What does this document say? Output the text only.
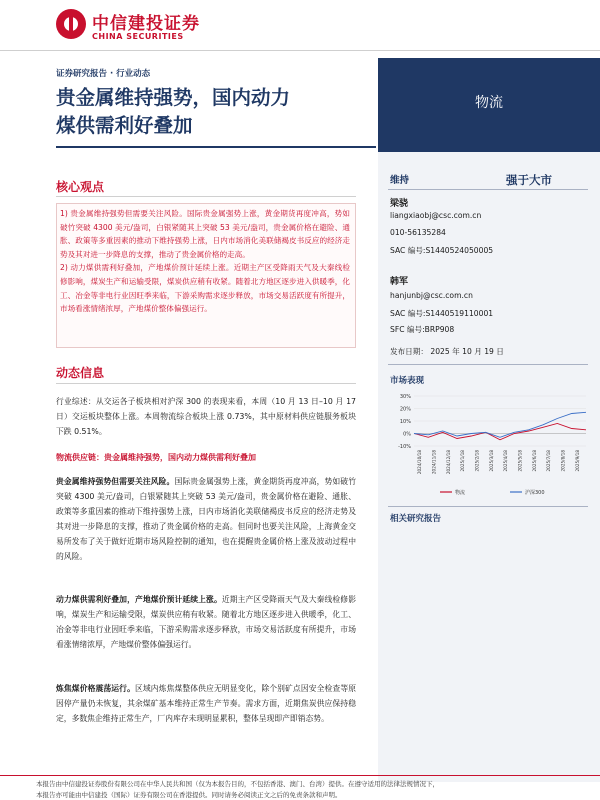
中信建投证券
CHINA SECURITIES
证券研究报告 · 行业动态
贵金属维持强势，国内动力
煤供需利好叠加
物流
维持	强于大市
梁骁
liangxiaobj@csc.com.cn
010-56135284
SAC 编号:S1440524050005
韩军
hanjunbj@csc.com.cn
SAC 编号:S1440519110001
SFC 编号:BRP908
发布日期： 2025 年 10 月 19 日
市场表现
30%
20%
10%
0%
-10%
2024/10/18 2024/11/18 2024/12/18 2025/1/18 2025/2/18 2025/3/18 2025/4/18 2025/5/18 2025/6/18 2025/7/18 2025/8/18 2025/9/18
物流	沪深300
相关研究报告
核心观点
1) 贵金属维持强势但需要关注风险。国际贵金属强势上涨，黄金期货再度冲高，势如破竹突破 4300 美元/盎司，白银紧随其上突破 53 美元/盎司，贵金属价格在避险、通胀、政策等多重因素的推动下维持强势上涨，日内市场消化美联储褐皮书反应的经济走势及其对进一步降息的支撑，推动了贵金属价格的走高。
2) 动力煤供需利好叠加，产地煤价预计延续上涨。近期主产区受降雨天气及大秦线检修影响，煤炭生产和运输受限，煤炭供应稍有收紧。随着北方地区逐步进入供暖季，化工、冶金等非电行业因旺季来临，下游采购需求逐步释放，市场交易活跃度有所提升，市场看涨情绪浓厚，产地煤价整体偏强运行。
动态信息
行业综述：从交运各子板块相对沪深 300 的表现来看，本周（10 月 13 日–10 月 17 日）交运板块整体上涨。本周物流综合板块上涨 0.73%，其中原材料供应链服务板块下跌 0.51%。
物流供应链：贵金属维持强势，国内动力煤供需利好叠加
贵金属维持强势但需要关注风险。国际贵金属强势上涨，黄金期货再度冲高，势如破竹突破 4300 美元/盎司，白银紧随其上突破 53 美元/盎司，贵金属价格在避险、通胀、政策等多重因素的推动下维持强势上涨，日内市场消化美联储褐皮书反应的经济走势及其对进一步降息的支撑，推动了贵金属价格的走高。但同时也要关注风险，上海黄金交易所发布了关于做好近期市场风险控制的通知，也在提醒贵金属价格上涨及波动过程中的风险。
动力煤供需利好叠加，产地煤价预计延续上涨。近期主产区受降雨天气及大秦线检修影响，煤炭生产和运输受限，煤炭供应稍有收紧。随着北方地区逐步进入供暖季，化工、冶金等非电行业因旺季来临，下游采购需求逐步释放，市场交易活跃度有所提升，市场看涨情绪浓厚，产地煤价整体偏强运行。
炼焦煤价格震荡运行。区域内炼焦煤整体供应无明显变化，除个别矿点因安全检查等原因停产量仍未恢复，其余煤矿基本维持正常生产节奏。需求方面，近期焦炭供应保持稳定，多数焦企维持正常生产，厂内库存未现明显累积，整体呈现即产即销态势。
本报告由中信建投证券股份有限公司在中华人民共和国（仅为本报告目的，不包括香港、澳门、台湾）提供。在遵守适用的法律法规情况下，
本报告亦可能由中信建投（国际）证券有限公司在香港提供。同时请务必阅读正文之后的免责条款和声明。
